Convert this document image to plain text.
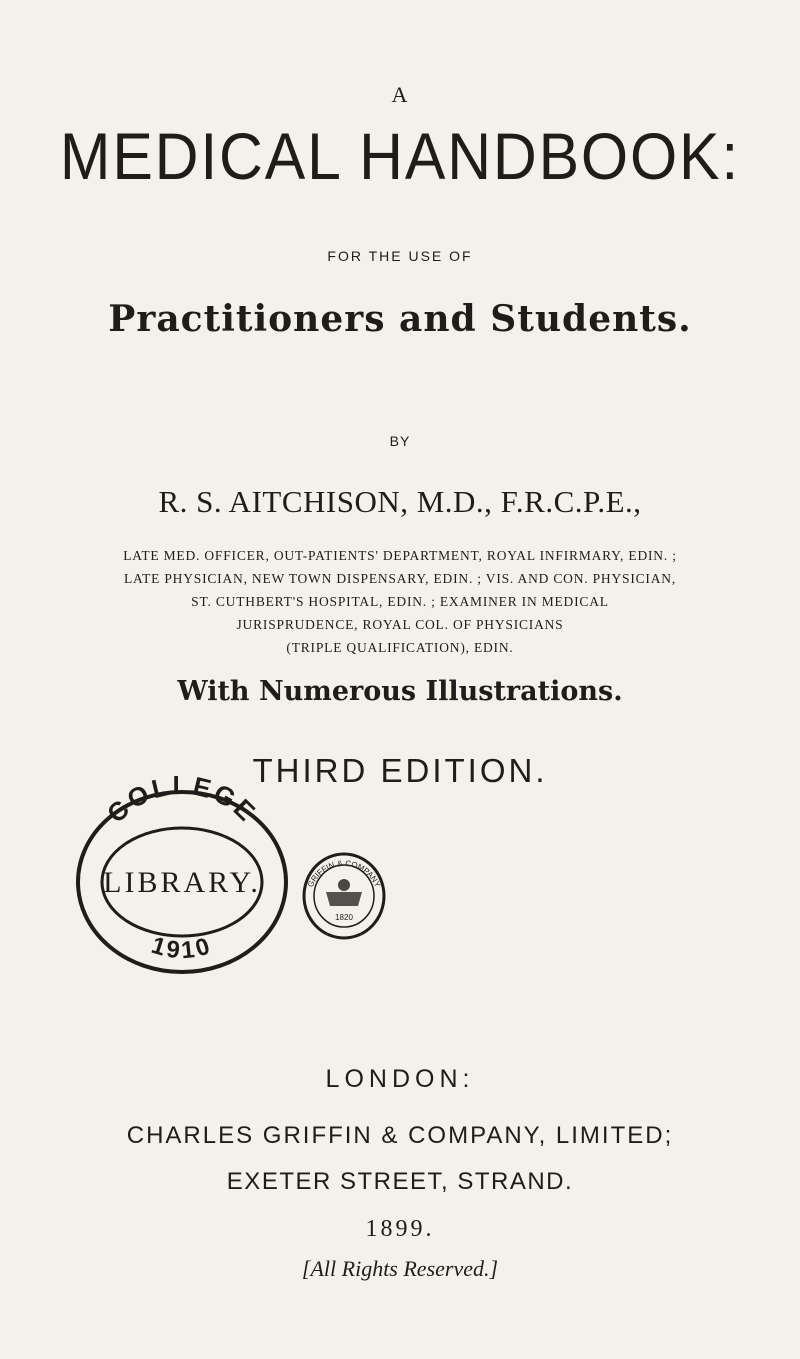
A
MEDICAL HANDBOOK:
FOR THE USE OF
Practitioners and Students.
BY
R. S. AITCHISON, M.D., F.R.C.P.E.,
LATE MED. OFFICER, OUT-PATIENTS' DEPARTMENT, ROYAL INFIRMARY, EDIN. ;
LATE PHYSICIAN, NEW TOWN DISPENSARY, EDIN. ; VIS. AND CON. PHYSICIAN,
ST. CUTHBERT'S HOSPITAL, EDIN. ; EXAMINER IN MEDICAL
JURISPRUDENCE, ROYAL COL. OF PHYSICIANS
(TRIPLE QUALIFICATION), EDIN.
With Numerous Illustrations.
THIRD EDITION.
COLLEGE
LIBRARY.
1910
GRIFFIN & COMPANY
1820
LONDON:
CHARLES GRIFFIN & COMPANY, LIMITED;
EXETER STREET, STRAND.
1899.
[All Rights Reserved.]
